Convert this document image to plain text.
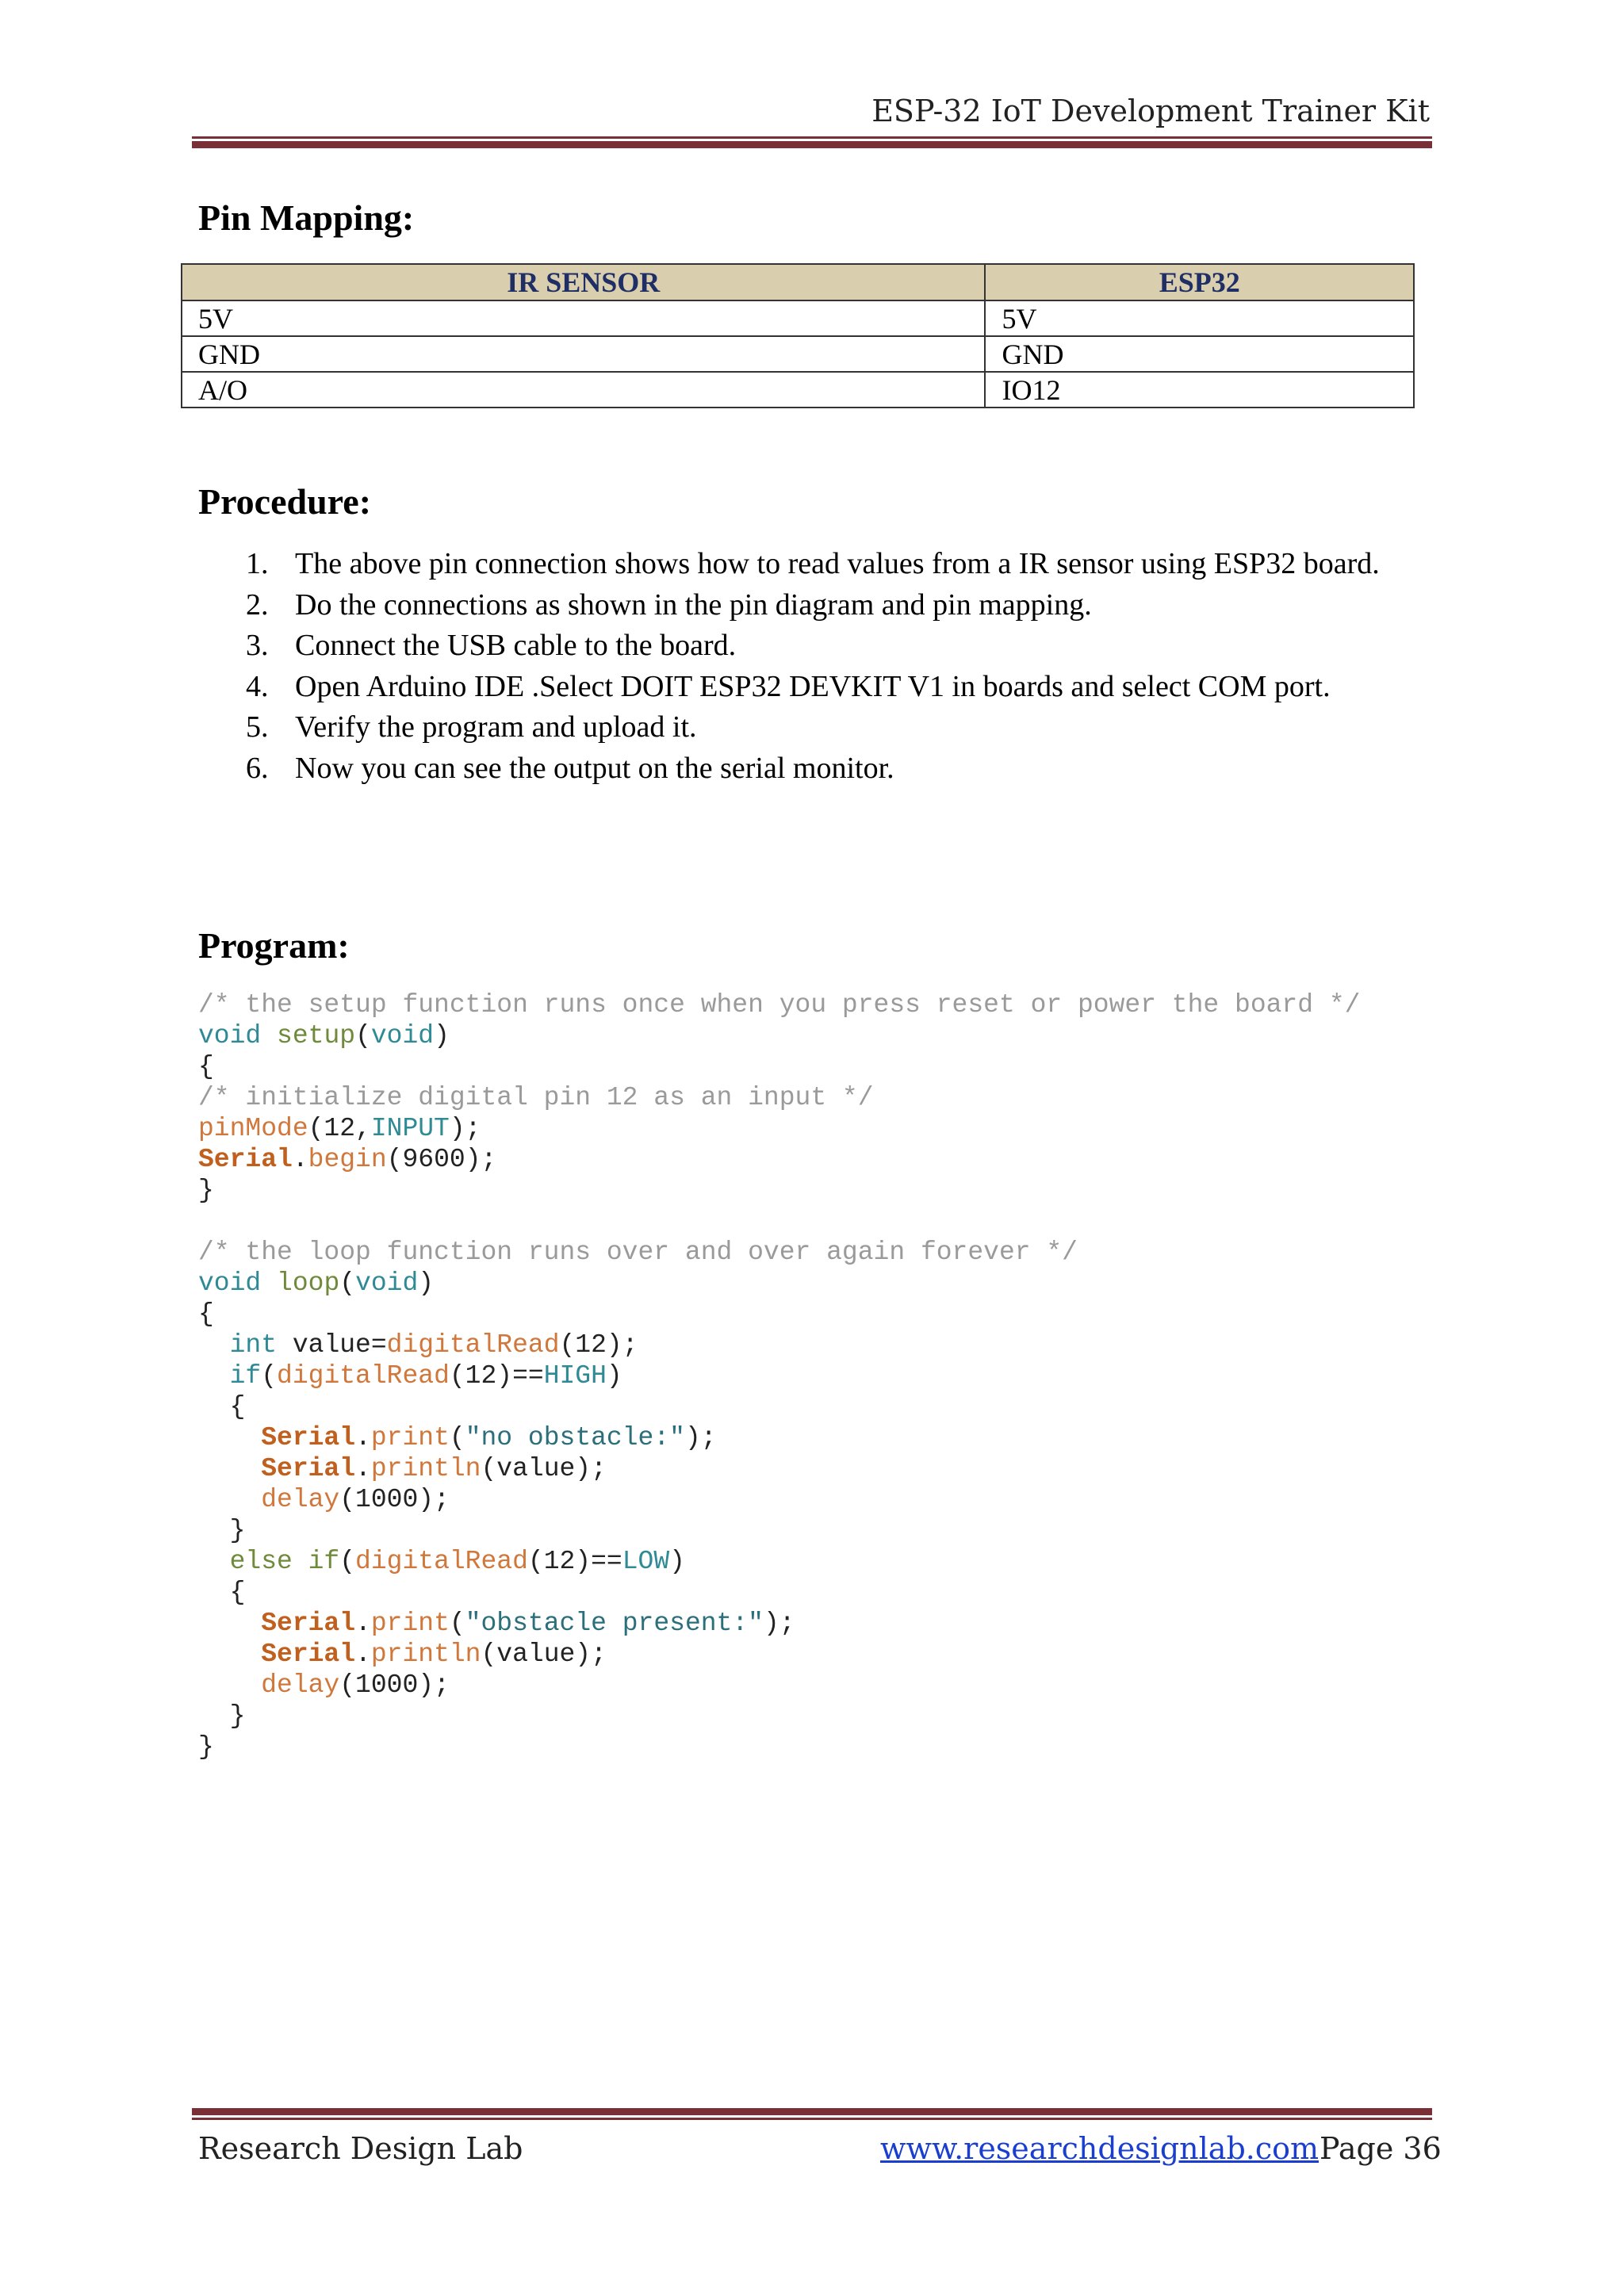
ESP-32 IoT Development Trainer Kit
Pin Mapping:
IR SENSOR	ESP32
5V	5V
GND	GND
A/O	IO12
Procedure:
1. The above pin connection shows how to read values from a IR sensor using ESP32 board.
2. Do the connections as shown in the pin diagram and pin mapping.
3. Connect the USB cable to the board.
4. Open Arduino IDE .Select DOIT ESP32 DEVKIT V1 in boards and select COM port.
5. Verify the program and upload it.
6. Now you can see the output on the serial monitor.
Program:
/* the setup function runs once when you press reset or power the board */
void setup(void)
{
/* initialize digital pin 12 as an input */
pinMode(12,INPUT);
Serial.begin(9600);
}

/* the loop function runs over and over again forever */
void loop(void)
{
int value=digitalRead(12);
if(digitalRead(12)==HIGH)
{
Serial.print("no obstacle:");
Serial.println(value);
delay(1000);
}
else if(digitalRead(12)==LOW)
{
Serial.print("obstacle present:");
Serial.println(value);
delay(1000);
}
}

Research Design Lab	www.researchdesignlab.com Page 36
